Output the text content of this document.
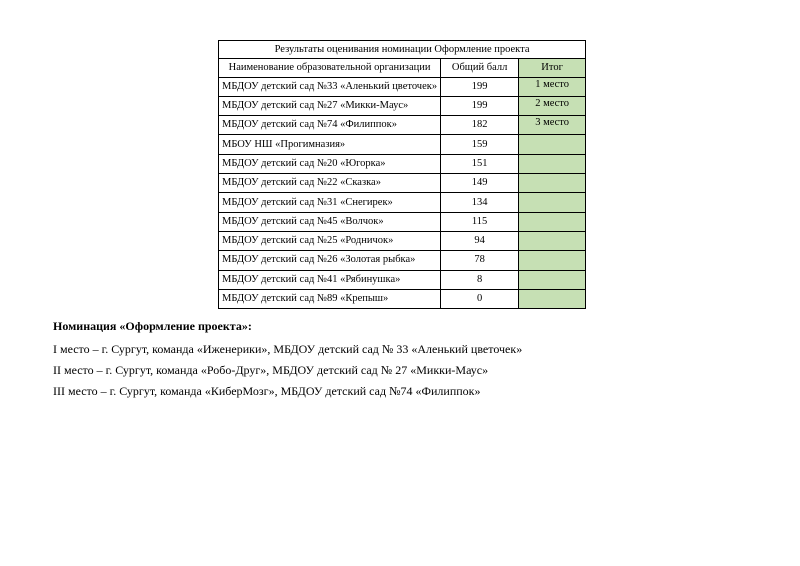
Результаты оценивания номинации Оформление проекта		
Наименование образовательной организации	Общий балл	Итог
МБДОУ детский сад №33 «Аленький цветочек»	199	1 место
МБДОУ детский сад №27 «Микки-Маус»	199	2 место
МБДОУ детский сад №74 «Филиппок»	182	3 место
МБОУ НШ «Прогимназия»	159	
МБДОУ детский сад №20 «Югорка»	151	
МБДОУ детский сад №22 «Сказка»	149	
МБДОУ детский сад №31 «Снегирек»	134	
МБДОУ детский сад №45 «Волчок»	115	
МБДОУ детский сад №25 «Родничок»	94	
МБДОУ детский сад №26 «Золотая рыбка»	78	
МБДОУ детский сад №41 «Рябинушка»	8	
МБДОУ детский сад №89 «Крепыш»	0	
Номинация «Оформление проекта»:
I место – г. Сургут, команда «Иженерики», МБДОУ детский сад № 33 «Аленький цветочек»
II место – г. Сургут, команда «Робо-Друг», МБДОУ детский сад № 27 «Микки-Маус»
III место – г. Сургут, команда «КиберМозг», МБДОУ детский сад №74 «Филиппок»
